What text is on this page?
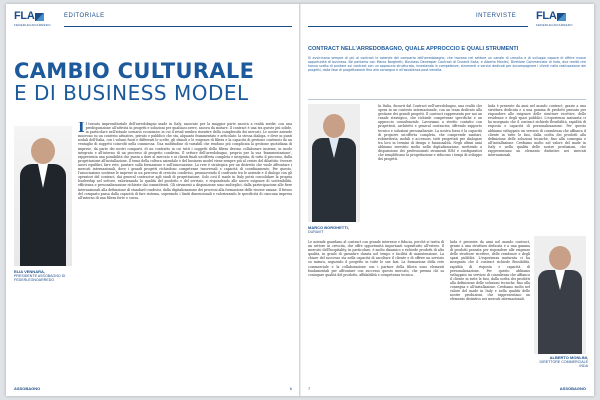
FLA
FEDERLEGNOARREDO
EDITORIALE
CAMBIO CULTURALE
E DI BUSINESS MODEL
ELIA VENNARA,
PRESIDENTE ASSOBAGNO DI FEDERLEGNOARREDO
Il tessuto imprenditoriale dell'arredobagno made in Italy, ancorato per la maggior parte ancora a realtà medie, con una predisposizione all'attività in progetti e soluzioni per qualsiasi avere, ancora da mutare. Il contract è una tra queste più solide, in particolare nell'attuale scenario economico in cui il retail sembra risentire della complessità dei mercati. Le nostre aziende muovono su un contesto attuativo, privato e pubblico che sta, alquanto frammentato e articolato: la stessa dialoga, e deve in punti nodali dell'Italia, con i volumi fuori e differenti le scelte, gli stimoli e le esigenze di filiera e la capacità di gestione contenuti da un ventaglio di soggetti coinvolti nella commessa. Una moltitudine di variabili che rendono più complicata la gestione quotidiana di imprese, da parte dei nostri comparti, di un contratto in cui tutti i soggetti della filiera devono collaborare insieme, in modo integrato e all'interno di un processo di progetto condiviso. Il settore dell'arredobagno, proprio per la sua 'frammentazione', rappresenta una possibilità che punta a dare al mercato e ai clienti finali un'offerta completa e integrata, di tutto il processo, dalla progettazione all'installazione. Il tema della cultura aziendale e del business model viene sempre più al centro del dibattito: trovare nuovi equilibri, fare rete, puntare sulla formazione e sull'innovazione. La rete è strategica per un distretto che vuole affrontare i mercati internazionali, dove i grandi progetti richiedono competenze trasversali e capacità di coordinamento. Per questo, l'associazione sostiene le imprese in un percorso di crescita condiviso, promuovendo il confronto tra le aziende e il dialogo con gli operatori del contract, dai general contractor agli studi di progettazione. Solo così il made in Italy potrà consolidare la propria leadership nel settore, valorizzando la qualità del prodotto e del servizio, e rispondendo alle nuove esigenze di sostenibilità, efficienza e personalizzazione richieste dai committenti. Gli strumenti a disposizione sono molteplici: dalla partecipazione alle fiere internazionali alla definizione di standard condivisi, dalla digitalizzazione dei processi alla formazione delle risorse umane. Il futuro del comparto passa dalla capacità di fare sistema, superando i limiti dimensionali e valorizzando le specificità di ciascuna impresa all'interno di una filiera forte e coesa.
ASSOBAGNO	6
INTERVISTE FLA
FEDERLEGNOARREDO
CONTRACT NELL'ARREDOBAGNO, QUALE APPROCCIO E QUALI STRUMENTI
Si avvicinano sempre di più al contract le aziende del comparto dell'arredobagno, che trovano nel settore un canale di crescita e di sviluppo capace di offrire nuove opportunità di business. Ne parliamo con Marco Borghetti, Business Developer Contract di Duravit Italia, e Alberto Monlini, Direttore Commerciale di Inda, due realtà che hanno scelto di puntare sul contract con un approccio strutturato, investendo in competenze, strumenti e servizi dedicati per accompagnare i clienti nella realizzazione dei progetti, dalla fase di progettazione fino alla consegna e all'assistenza post vendita.
MARCO BORGHETTI,
DURAVIT
In Italia, duravit dal Contract nell'arredobagno, una realtà che opera in un contesto internazionale, con un team dedicato alla gestione dei grandi progetti. Il contract rappresenta per noi un canale strategico, che richiede competenze specifiche e un approccio consulenziale. Lavoriamo a stretto contatto con progettisti, architetti e general contractor, offrendo supporto tecnico e soluzioni personalizzate. La nostra forza è la capacità di proporre un'offerta completa, che comprende sanitari, rubinetteria, mobili e accessori, tutti progettati per dialogare tra loro in termini di design e funzionalità. Negli ultimi anni abbiamo investito molto nella digitalizzazione, mettendo a disposizione dei professionisti strumenti BIM e configuratori che semplificano la progettazione e riducono i tempi di sviluppo dei progetti.
Inda è presente da anni nel mondo contract, grazie a una struttura dedicata e a una gamma di prodotti pensata per rispondere alle esigenze delle strutture ricettive, delle residenze e degli spazi pubblici. L'esperienza maturata ci ha insegnato che il contract richiede flessibilità, rapidità di risposta e capacità di personalizzazione. Per questo abbiamo sviluppato un servizio di consulenza che affianca il cliente in tutte le fasi, dalla scelta dei prodotti alla definizione delle soluzioni tecniche, fino alla consegna e all'installazione. Crediamo molto nel valore del made in Italy e nella qualità delle nostre produzioni, che rappresentano un elemento distintivo nei mercati internazionali.
Le aziende guardano al contract con grande interesse e fiducia, perché si tratta di un settore in crescita, che offre opportunità importanti soprattutto all'estero. Il mercato dell'hospitality, in particolare, è molto dinamico e richiede prodotti di alta qualità, in grado di garantire durata nel tempo e facilità di manutenzione. La chiave del successo sta nella capacità di ascoltare il cliente e di offrire un servizio su misura, seguendo il progetto in tutte le sue fasi. La formazione della rete commerciale e la collaborazione con i partner della filiera sono elementi fondamentali per affrontare con successo questo mercato, che premia chi sa coniugare qualità del prodotto, affidabilità e competenza tecnica.
ALBERTO MONLINI,
DIRETTORE COMMERCIALE INDA
Inda è presente da anni nel mondo contract, grazie a una struttura dedicata e a una gamma di prodotti pensata per rispondere alle esigenze delle strutture ricettive, delle residenze e degli spazi pubblici. L'esperienza maturata ci ha insegnato che il contract richiede flessibilità, rapidità di risposta e capacità di personalizzazione. Per questo abbiamo sviluppato un servizio di consulenza che affianca il cliente in tutte le fasi, dalla scelta dei prodotti alla definizione delle soluzioni tecniche, fino alla consegna e all'installazione. Crediamo molto nel valore del made in Italy e nella qualità delle nostre produzioni, che rappresentano un elemento distintivo nei mercati internazionali.
ASSOBAGNO
7
